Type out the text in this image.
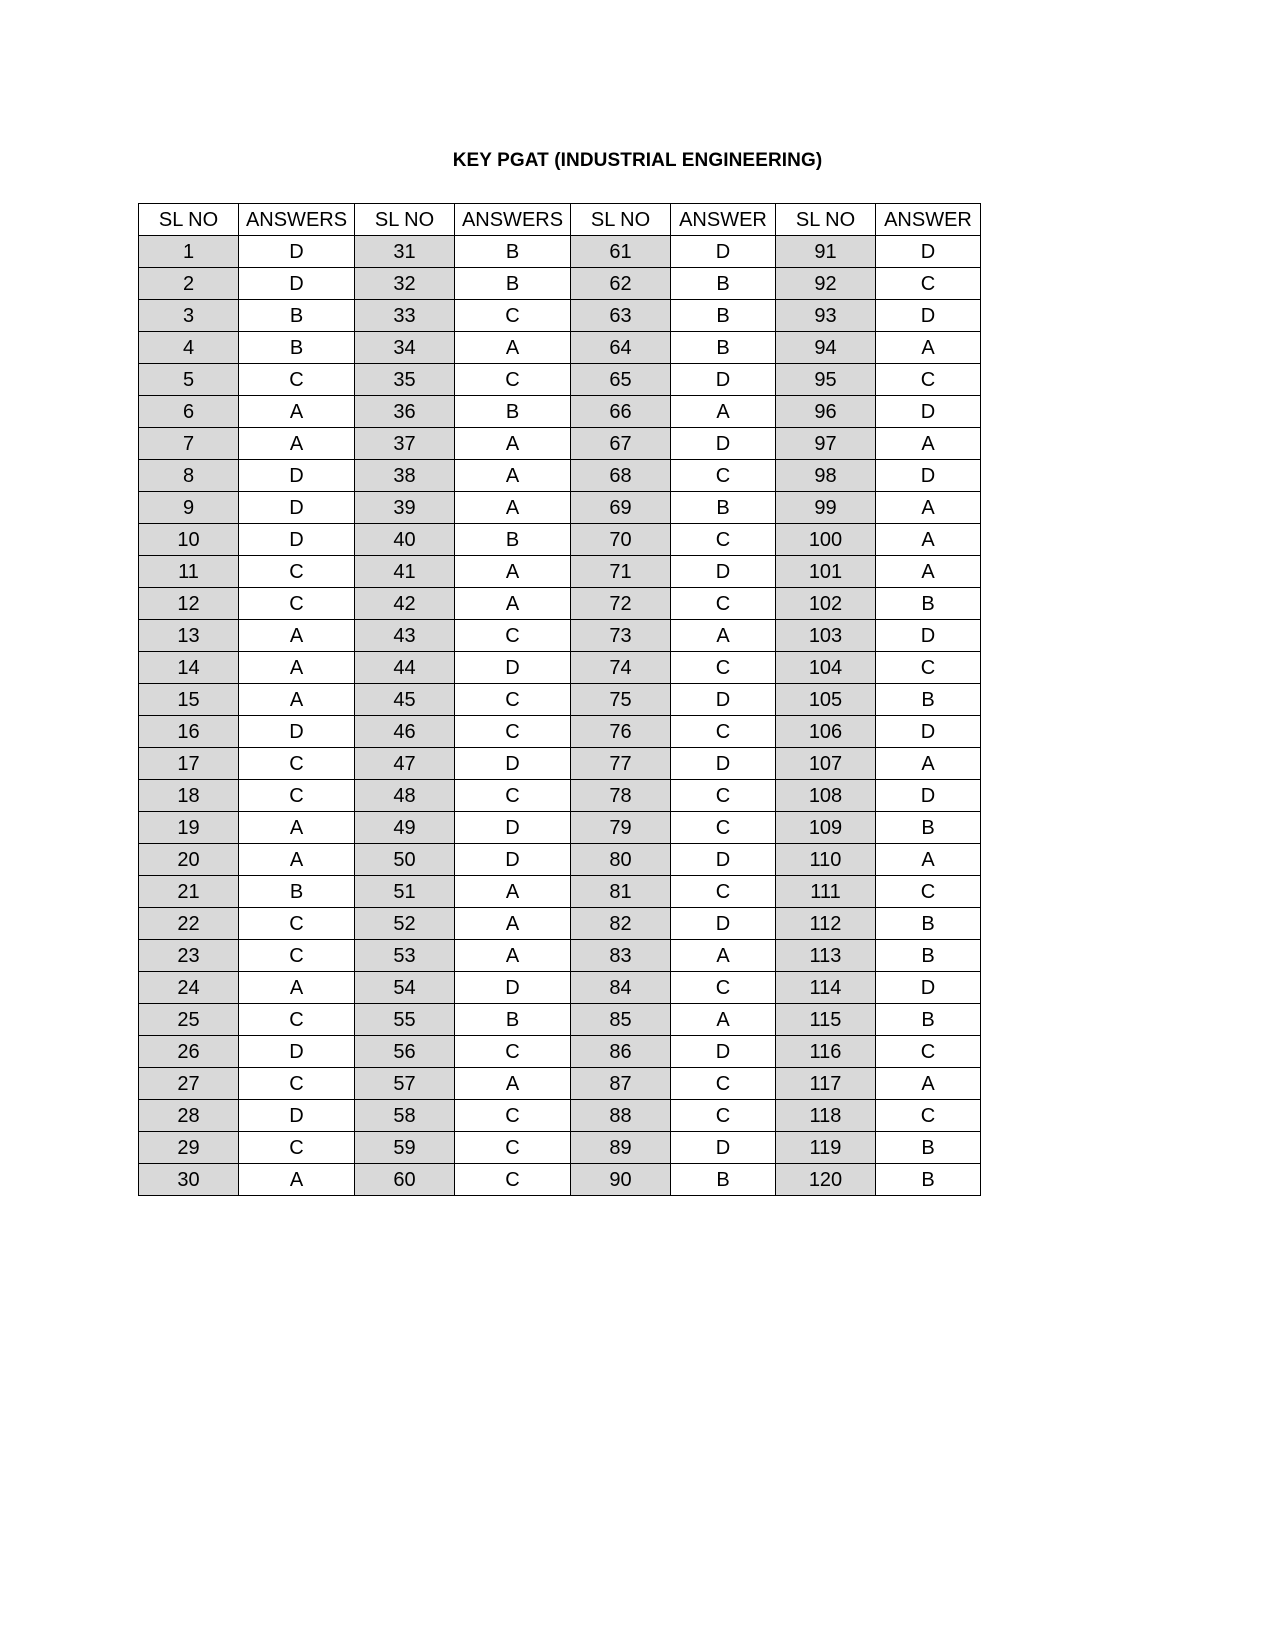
KEY PGAT (INDUSTRIAL ENGINEERING)
SL NO	ANSWERS	SL NO	ANSWERS	SL NO	ANSWER	SL NO	ANSWER
1	D	31	B	61	D	91	D
2	D	32	B	62	B	92	C
3	B	33	C	63	B	93	D
4	B	34	A	64	B	94	A
5	C	35	C	65	D	95	C
6	A	36	B	66	A	96	D
7	A	37	A	67	D	97	A
8	D	38	A	68	C	98	D
9	D	39	A	69	B	99	A
10	D	40	B	70	C	100	A
11	C	41	A	71	D	101	A
12	C	42	A	72	C	102	B
13	A	43	C	73	A	103	D
14	A	44	D	74	C	104	C
15	A	45	C	75	D	105	B
16	D	46	C	76	C	106	D
17	C	47	D	77	D	107	A
18	C	48	C	78	C	108	D
19	A	49	D	79	C	109	B
20	A	50	D	80	D	110	A
21	B	51	A	81	C	111	C
22	C	52	A	82	D	112	B
23	C	53	A	83	A	113	B
24	A	54	D	84	C	114	D
25	C	55	B	85	A	115	B
26	D	56	C	86	D	116	C
27	C	57	A	87	C	117	A
28	D	58	C	88	C	118	C
29	C	59	C	89	D	119	B
30	A	60	C	90	B	120	B
